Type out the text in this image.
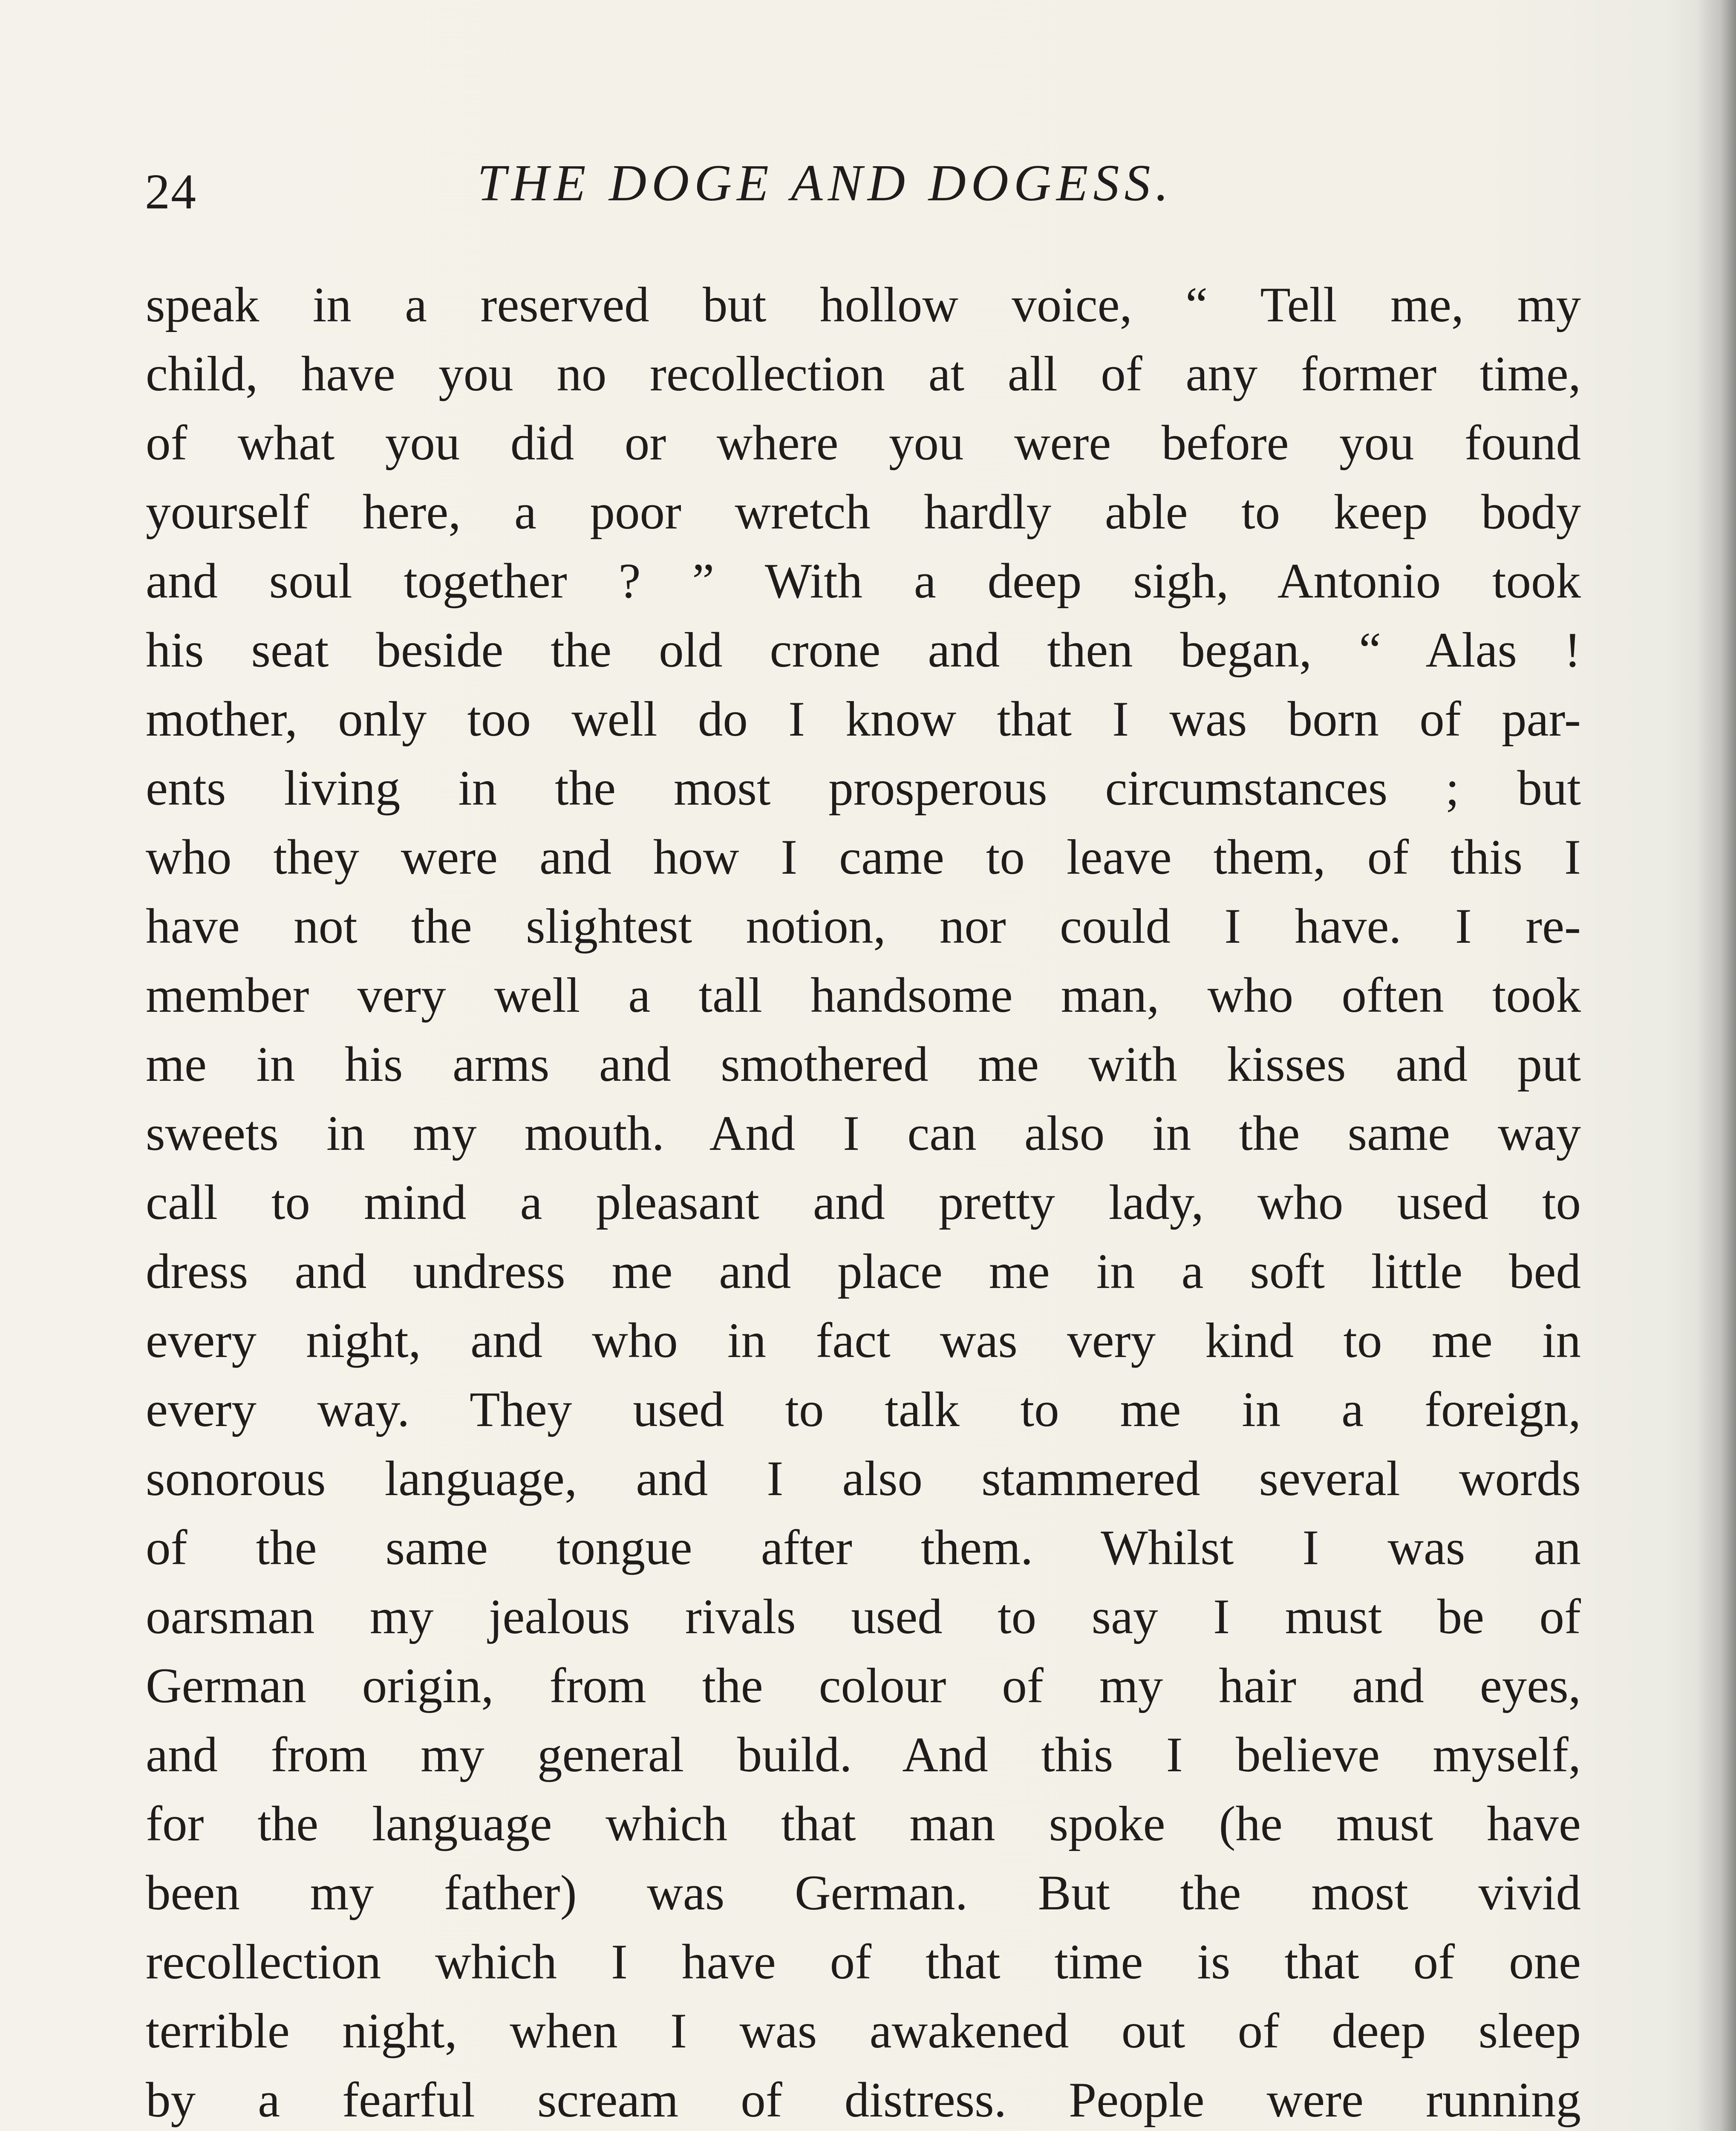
24	THE DOGE AND DOGESS.
speak in a reserved but hollow voice, “ Tell me, my
child, have you no recollection at all of any former time,
of what you did or where you were before you found
yourself here, a poor wretch hardly able to keep body
and soul together ? ” With a deep sigh, Antonio took
his seat beside the old crone and then began, “ Alas !
mother, only too well do I know that I was born of par-
ents living in the most prosperous circumstances ; but
who they were and how I came to leave them, of this I
have not the slightest notion, nor could I have. I re-
member very well a tall handsome man, who often took
me in his arms and smothered me with kisses and put
sweets in my mouth. And I can also in the same way
call to mind a pleasant and pretty lady, who used to
dress and undress me and place me in a soft little bed
every night, and who in fact was very kind to me in
every way. They used to talk to me in a foreign,
sonorous language, and I also stammered several words
of the same tongue after them. Whilst I was an
oarsman my jealous rivals used to say I must be of
German origin, from the colour of my hair and eyes,
and from my general build. And this I believe myself,
for the language which that man spoke (he must have
been my father) was German. But the most vivid
recollection which I have of that time is that of one
terrible night, when I was awakened out of deep sleep
by a fearful scream of distress. People were running
